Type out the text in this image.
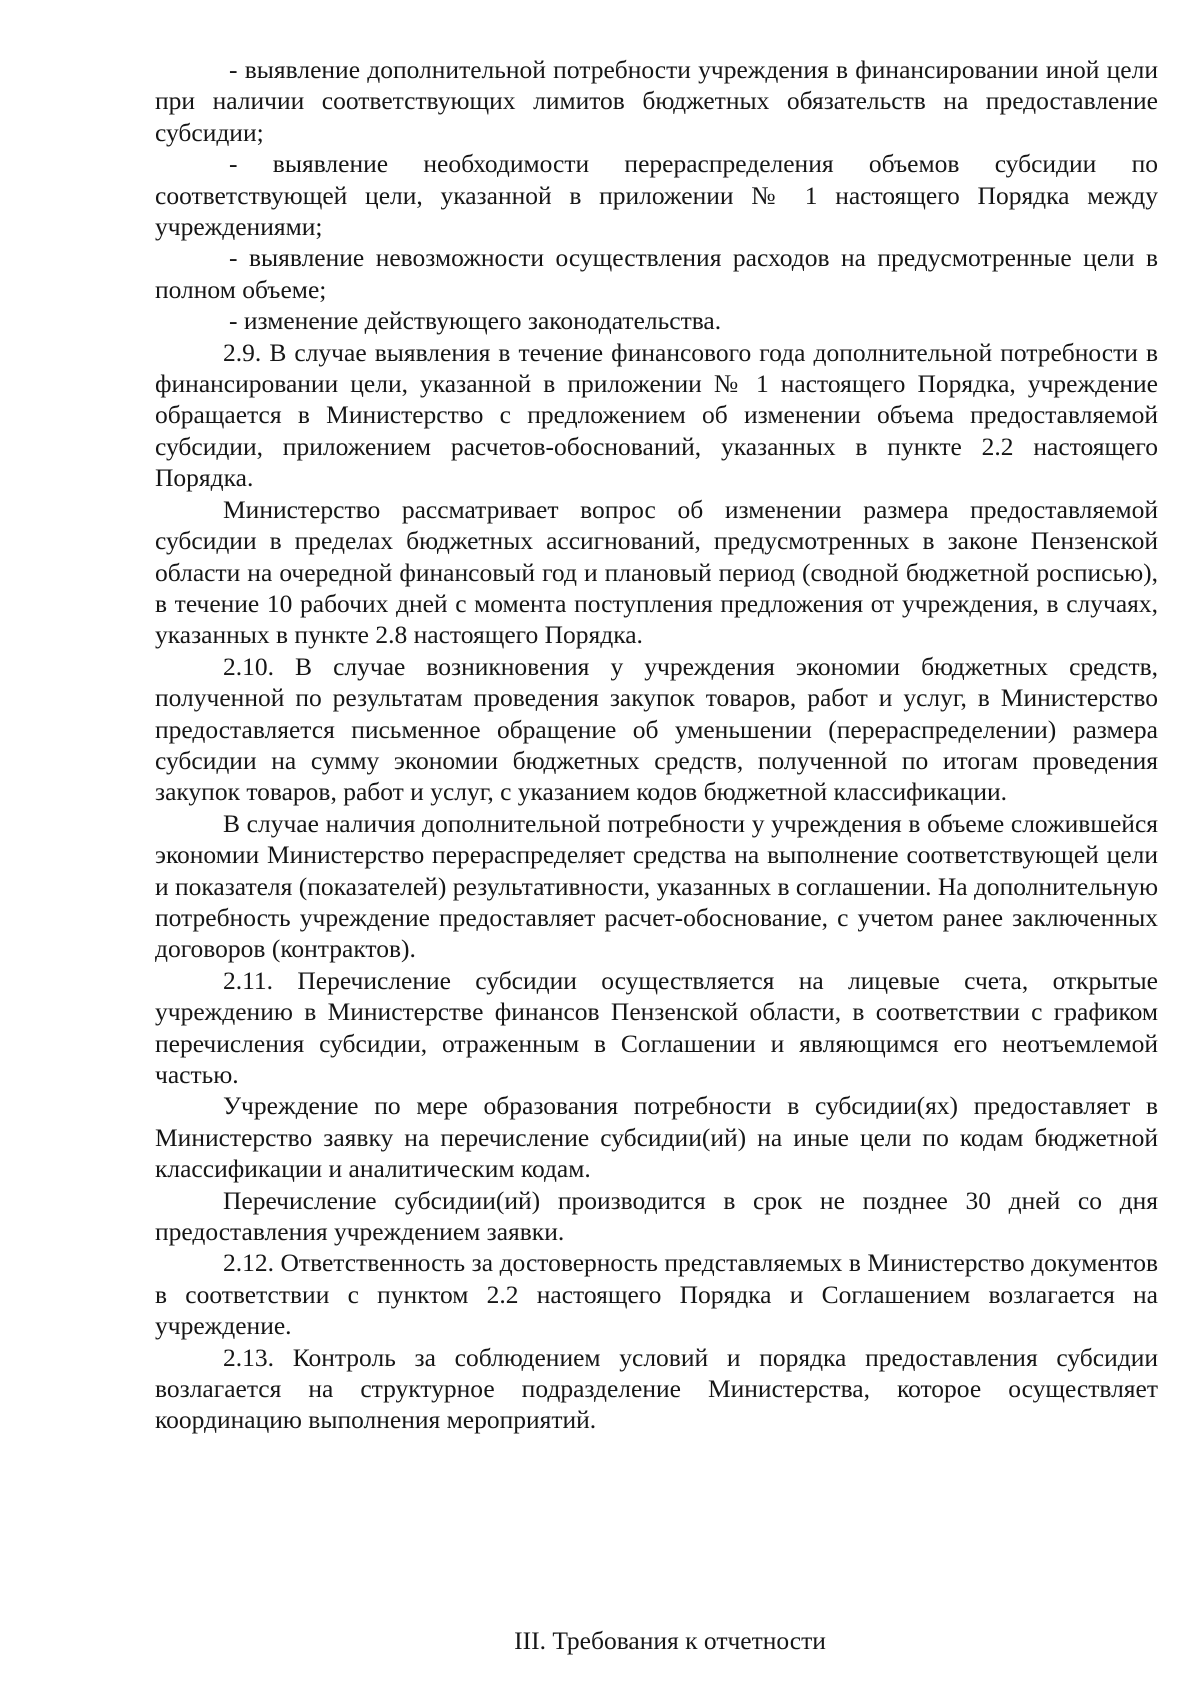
- выявление дополнительной потребности учреждения в финансировании иной цели при наличии соответствующих лимитов бюджетных обязательств на предоставление субсидии;

- выявление необходимости перераспределения объемов субсидии по соответствующей цели, указанной в приложении № 1 настоящего Порядка между учреждениями;

- выявление невозможности осуществления расходов на предусмотренные цели в полном объеме;

- изменение действующего законодательства.

2.9. В случае выявления в течение финансового года дополнительной потребности в финансировании цели, указанной в приложении № 1 настоящего Порядка, учреждение обращается в Министерство с предложением об изменении объема предоставляемой субсидии, приложением расчетов-обоснований, указанных в пункте 2.2 настоящего Порядка.

Министерство рассматривает вопрос об изменении размера предоставляемой субсидии в пределах бюджетных ассигнований, предусмотренных в законе Пензенской области на очередной финансовый год и плановый период (сводной бюджетной росписью), в течение 10 рабочих дней с момента поступления предложения от учреждения, в случаях, указанных в пункте 2.8 настоящего Порядка.

2.10. В случае возникновения у учреждения экономии бюджетных средств, полученной по результатам проведения закупок товаров, работ и услуг, в Министерство предоставляется письменное обращение об уменьшении (перераспределении) размера субсидии на сумму экономии бюджетных средств, полученной по итогам проведения закупок товаров, работ и услуг, с указанием кодов бюджетной классификации.

В случае наличия дополнительной потребности у учреждения в объеме сложившейся экономии Министерство перераспределяет средства на выполнение соответствующей цели и показателя (показателей) результативности, указанных в соглашении. На дополнительную потребность учреждение предоставляет расчет-обоснование, с учетом ранее заключенных договоров (контрактов).

2.11. Перечисление субсидии осуществляется на лицевые счета, открытые учреждению в Министерстве финансов Пензенской области, в соответствии с графиком перечисления субсидии, отраженным в Соглашении и являющимся его неотъемлемой частью.

Учреждение по мере образования потребности в субсидии(ях) предоставляет в Министерство заявку на перечисление субсидии(ий) на иные цели по кодам бюджетной классификации и аналитическим кодам.

Перечисление субсидии(ий) производится в срок не позднее 30 дней со дня предоставления учреждением заявки.

2.12. Ответственность за достоверность представляемых в Министерство документов в соответствии с пунктом 2.2 настоящего Порядка и Соглашением возлагается на учреждение.

2.13. Контроль за соблюдением условий и порядка предоставления субсидии возлагается на структурное подразделение Министерства, которое осуществляет координацию выполнения мероприятий.

III. Требования к отчетности
